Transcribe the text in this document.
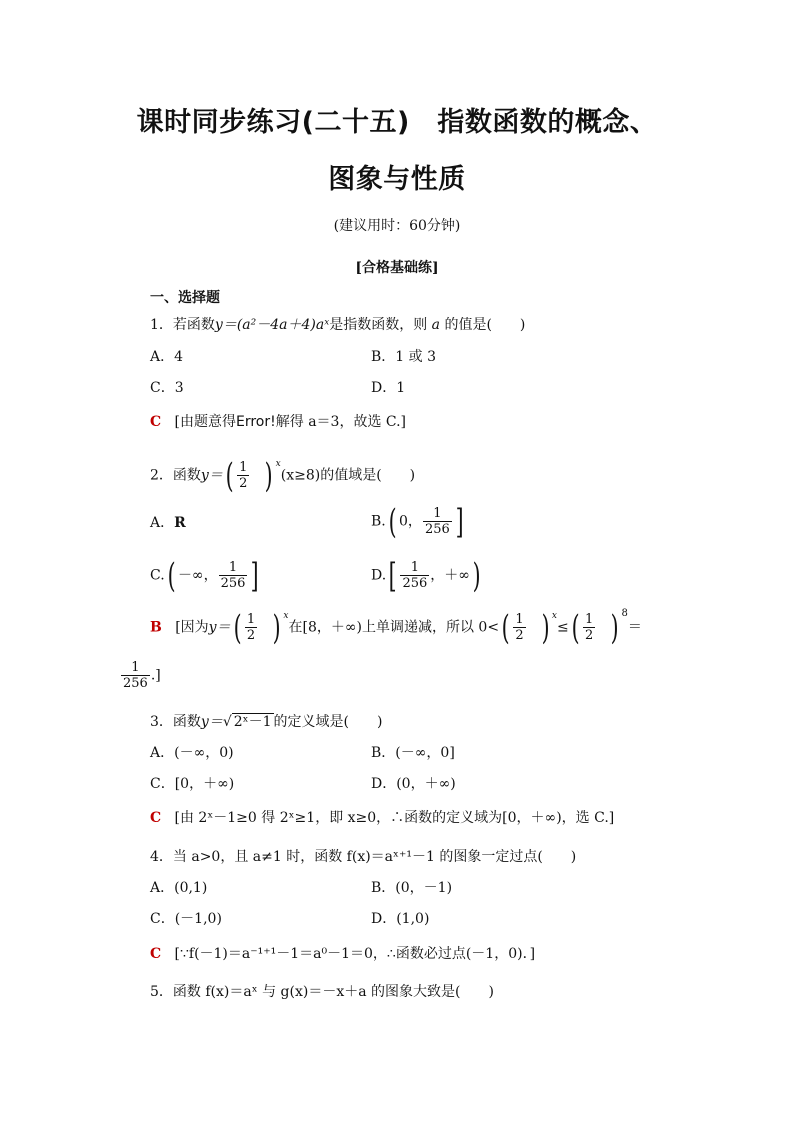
课时同步练习(二十五)　指数函数的概念、
图象与性质
(建议用时：60分钟)
[合格基础练]
一、选择题
1．若函数y＝(a²－4a＋4)aˣ是指数函数，则 a 的值是(　　)
A．4	B．1 或 3
C．3	D．1
C [由题意得Error!解得 a＝3，故选 C.]
2．函数$y=( \frac{1}{2}$ ) $^x$(x≥8)的值域是(　　)
A．R	B.( 0， $\frac{1}{256}$ ]
C.( －∞， $\frac{1}{256}$ ]	$D.[ \frac{1}{256}$ ，＋∞)
B [因为$y=( \frac{1}{2}$ ) $^x$在[8，＋∞)上单调递减，所以 $0<( \frac{1}{2}$ ) $^x\le( \frac{1}{2}$ ) $^8$＝
$\frac{1}{256}$ .]
3．函数y＝√ 2ˣ－1 的定义域是(　　)
A．(－∞，0)	B．(－∞，0]
C．[0，＋∞)	D．(0，＋∞)
C [由 2ˣ－1≥0 得 2ˣ≥1，即 x≥0，∴函数的定义域为[0，＋∞)，选 C.]
4．当 a>0，且 a≠1 时，函数 f(x)＝aˣ⁺¹－1 的图象一定过点(　　)
A．(0,1)	B．(0，－1)
C．(－1,0)	D．(1,0)
C [∵f(－1)＝a⁻¹⁺¹－1＝a⁰－1＝0，∴函数必过点(－1，0)．]
5．函数 f(x)＝aˣ 与 g(x)＝－x＋a 的图象大致是(　　)
